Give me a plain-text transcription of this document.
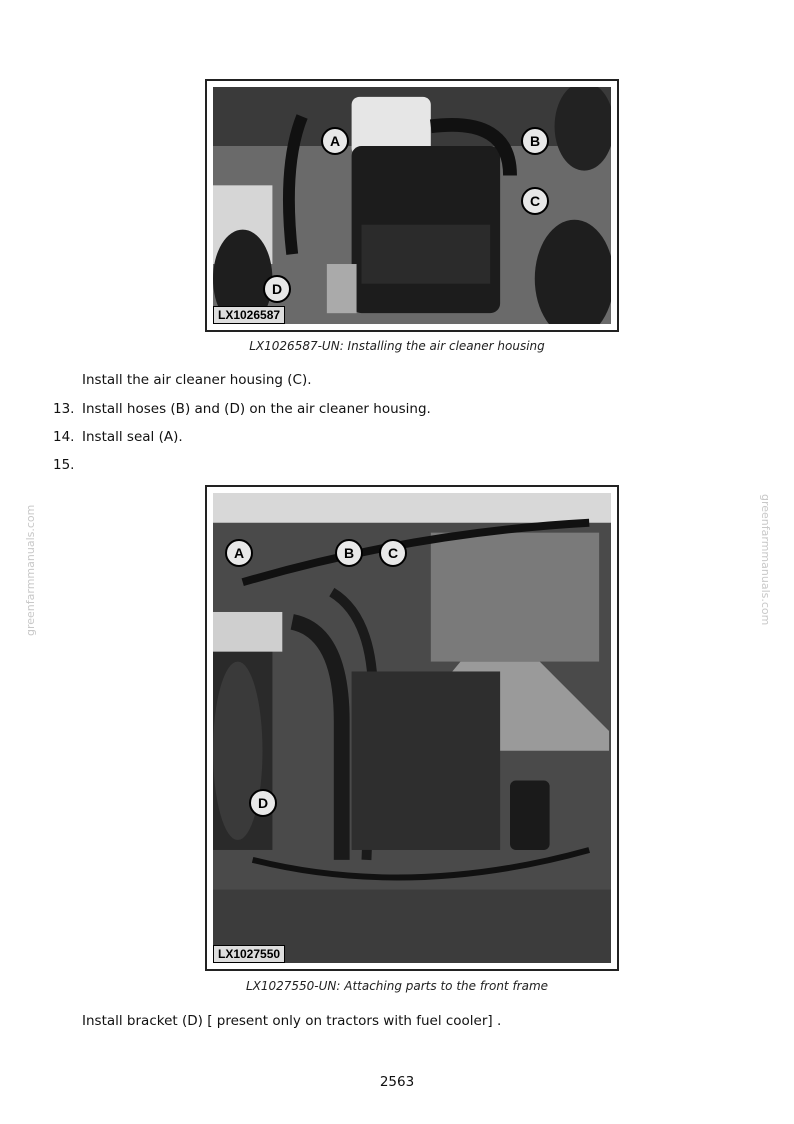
A	B
C
D
LX1026587
LX1026587-UN: Installing the air cleaner housing
Install the air cleaner housing (C).
13. Install hoses (B) and (D) on the air cleaner housing.
14. Install seal (A).
15.
A	B	C
D
LX1027550
LX1027550-UN: Attaching parts to the front frame
Install bracket (D) [ present only on tractors with fuel cooler] .
greenfarmmanuals.com	greenfarmmanuals.com
2563
